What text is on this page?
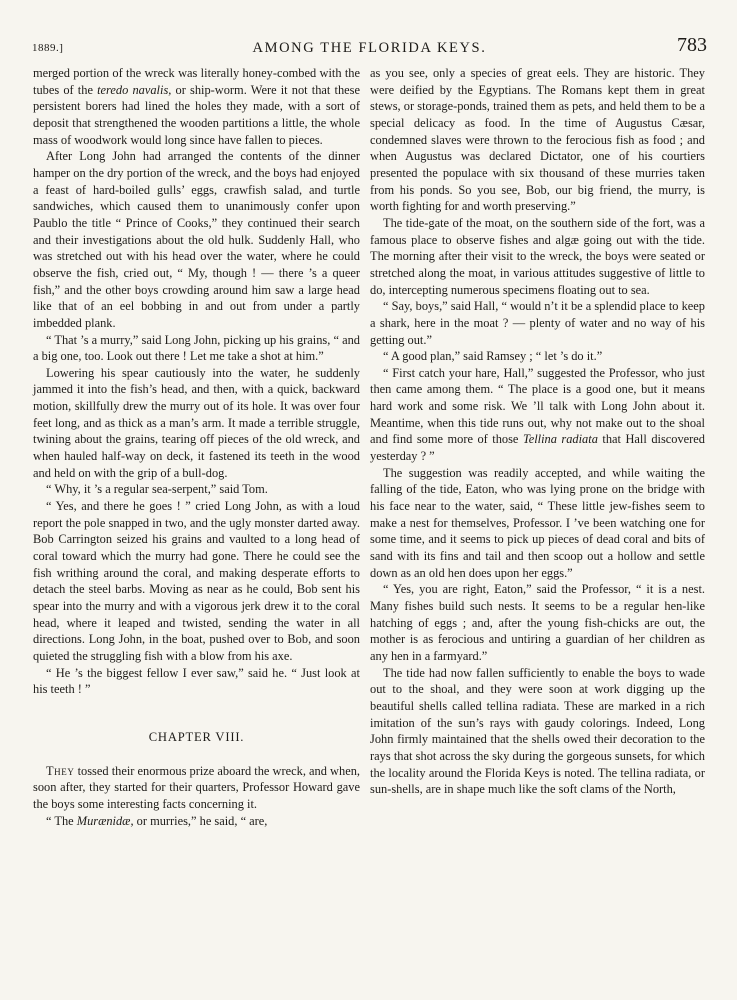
1889.]	AMONG THE FLORIDA KEYS.	783

merged portion of the wreck was literally honey-combed with the tubes of the teredo navalis, or ship-worm. Were it not that these persistent borers had lined the holes they made, with a sort of deposit that strengthened the wooden partitions a little, the whole mass of woodwork would long since have fallen to pieces.

After Long John had arranged the contents of the dinner hamper on the dry portion of the wreck, and the boys had enjoyed a feast of hard-boiled gulls’ eggs, crawfish salad, and turtle sandwiches, which caused them to unanimously confer upon Paublo the title “ Prince of Cooks,” they continued their search and their investigations about the old hulk. Suddenly Hall, who was stretched out with his head over the water, where he could observe the fish, cried out, “ My, though ! — there ’s a queer fish,” and the other boys crowding around him saw a large head like that of an eel bobbing in and out from under a partly imbedded plank.

“ That ’s a murry,” said Long John, picking up his grains, “ and a big one, too. Look out there ! Let me take a shot at him.”

Lowering his spear cautiously into the water, he suddenly jammed it into the fish’s head, and then, with a quick, backward motion, skillfully drew the murry out of its hole. It was over four feet long, and as thick as a man’s arm. It made a terrible struggle, twining about the grains, tearing off pieces of the old wreck, and when hauled half-way on deck, it fastened its teeth in the wood and held on with the grip of a bull-dog.

“ Why, it ’s a regular sea-serpent,” said Tom.

“ Yes, and there he goes ! ” cried Long John, as with a loud report the pole snapped in two, and the ugly monster darted away. Bob Carrington seized his grains and vaulted to a long head of coral toward which the murry had gone. There he could see the fish writhing around the coral, and making desperate efforts to detach the steel barbs. Moving as near as he could, Bob sent his spear into the murry and with a vigorous jerk drew it to the coral head, where it leaped and twisted, sending the water in all directions. Long John, in the boat, pushed over to Bob, and soon quieted the struggling fish with a blow from his axe.

“ He ’s the biggest fellow I ever saw,” said he. “ Just look at his teeth ! ”

CHAPTER VIII.

They tossed their enormous prize aboard the wreck, and when, soon after, they started for their quarters, Professor Howard gave the boys some interesting facts concerning it.

“ The Murænidæ, or murries,” he said, “ are,

as you see, only a species of great eels. They are historic. They were deified by the Egyptians. The Romans kept them in great stews, or storage-ponds, trained them as pets, and held them to be a special delicacy as food. In the time of Augustus Cæsar, condemned slaves were thrown to the ferocious fish as food ; and when Augustus was declared Dictator, one of his courtiers presented the populace with six thousand of these murries taken from his ponds. So you see, Bob, our big friend, the murry, is worth fighting for and worth preserving.”

The tide-gate of the moat, on the southern side of the fort, was a famous place to observe fishes and algæ going out with the tide. The morning after their visit to the wreck, the boys were seated or stretched along the moat, in various attitudes suggestive of little to do, intercepting numerous specimens floating out to sea.

“ Say, boys,” said Hall, “ would n’t it be a splendid place to keep a shark, here in the moat ? — plenty of water and no way of his getting out.”

“ A good plan,” said Ramsey ; “ let ’s do it.”

“ First catch your hare, Hall,” suggested the Professor, who just then came among them. “ The place is a good one, but it means hard work and some risk. We ’ll talk with Long John about it. Meantime, when this tide runs out, why not make out to the shoal and find some more of those Tellina radiata that Hall discovered yesterday ? ”

The suggestion was readily accepted, and while waiting the falling of the tide, Eaton, who was lying prone on the bridge with his face near to the water, said, “ These little jew-fishes seem to make a nest for themselves, Professor. I ’ve been watching one for some time, and it seems to pick up pieces of dead coral and bits of sand with its fins and tail and then scoop out a hollow and settle down as an old hen does upon her eggs.”

“ Yes, you are right, Eaton,” said the Professor, “ it is a nest. Many fishes build such nests. It seems to be a regular hen-like hatching of eggs ; and, after the young fish-chicks are out, the mother is as ferocious and untiring a guardian of her children as any hen in a farmyard.”

The tide had now fallen sufficiently to enable the boys to wade out to the shoal, and they were soon at work digging up the beautiful shells called tellina radiata. These are marked in a rich imitation of the sun’s rays with gaudy colorings. Indeed, Long John firmly maintained that the shells owed their decoration to the rays that shot across the sky during the gorgeous sunsets, for which the locality around the Florida Keys is noted. The tellina radiata, or sun-shells, are in shape much like the soft clams of the North,
